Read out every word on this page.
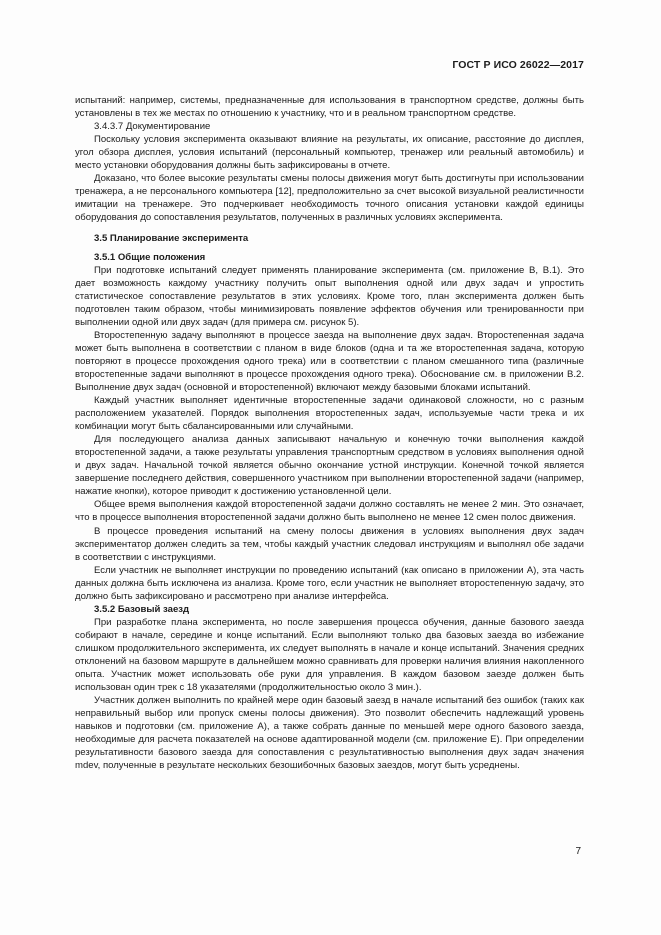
ГОСТ Р ИСО 26022—2017

испытаний: например, системы, предназначенные для использования в транспортном средстве, должны быть установлены в тех же местах по отношению к участнику, что и в реальном транспортном средстве.

3.4.3.7 Документирование

Поскольку условия эксперимента оказывают влияние на результаты, их описание, расстояние до дисплея, угол обзора дисплея, условия испытаний (персональный компьютер, тренажер или реальный автомобиль) и место установки оборудования должны быть зафиксированы в отчете.

Доказано, что более высокие результаты смены полосы движения могут быть достигнуты при использовании тренажера, а не персонального компьютера [12], предположительно за счет высокой визуальной реалистичности имитации на тренажере. Это подчеркивает необходимость точного описания установки каждой единицы оборудования до сопоставления результатов, полученных в различных условиях эксперимента.

3.5 Планирование эксперимента

3.5.1 Общие положения

При подготовке испытаний следует применять планирование эксперимента (см. приложение В, В.1). Это дает возможность каждому участнику получить опыт выполнения одной или двух задач и упростить статистическое сопоставление результатов в этих условиях. Кроме того, план эксперимента должен быть подготовлен таким образом, чтобы минимизировать появление эффектов обучения или тренированности при выполнении одной или двух задач (для примера см. рисунок 5).

Второстепенную задачу выполняют в процессе заезда на выполнение двух задач. Второстепенная задача может быть выполнена в соответствии с планом в виде блоков (одна и та же второстепенная задача, которую повторяют в процессе прохождения одного трека) или в соответствии с планом смешанного типа (различные второстепенные задачи выполняют в процессе прохождения одного трека). Обоснование см. в приложении В.2. Выполнение двух задач (основной и второстепенной) включают между базовыми блоками испытаний.

Каждый участник выполняет идентичные второстепенные задачи одинаковой сложности, но с разным расположением указателей. Порядок выполнения второстепенных задач, используемые части трека и их комбинации могут быть сбалансированными или случайными.

Для последующего анализа данных записывают начальную и конечную точки выполнения каждой второстепенной задачи, а также результаты управления транспортным средством в условиях выполнения одной и двух задач. Начальной точкой является обычно окончание устной инструкции. Конечной точкой является завершение последнего действия, совершенного участником при выполнении второстепенной задачи (например, нажатие кнопки), которое приводит к достижению установленной цели.

Общее время выполнения каждой второстепенной задачи должно составлять не менее 2 мин. Это означает, что в процессе выполнения второстепенной задачи должно быть выполнено не менее 12 смен полос движения.

В процессе проведения испытаний на смену полосы движения в условиях выполнения двух задач экспериментатор должен следить за тем, чтобы каждый участник следовал инструкциям и выполнял обе задачи в соответствии с инструкциями.

Если участник не выполняет инструкции по проведению испытаний (как описано в приложении А), эта часть данных должна быть исключена из анализа. Кроме того, если участник не выполняет второстепенную задачу, это должно быть зафиксировано и рассмотрено при анализе интерфейса.

3.5.2 Базовый заезд

При разработке плана эксперимента, но после завершения процесса обучения, данные базового заезда собирают в начале, середине и конце испытаний. Если выполняют только два базовых заезда во избежание слишком продолжительного эксперимента, их следует выполнять в начале и конце испытаний. Значения средних отклонений на базовом маршруте в дальнейшем можно сравнивать для проверки наличия влияния накопленного опыта. Участник может использовать обе руки для управления. В каждом базовом заезде должен быть использован один трек с 18 указателями (продолжительностью около 3 мин.).

Участник должен выполнить по крайней мере один базовый заезд в начале испытаний без ошибок (таких как неправильный выбор или пропуск смены полосы движения). Это позволит обеспечить надлежащий уровень навыков и подготовки (см. приложение А), а также собрать данные по меньшей мере одного базового заезда, необходимые для расчета показателей на основе адаптированной модели (см. приложение Е). При определении результативности базового заезда для сопоставления с результативностью выполнения двух задач значения mdev, полученные в результате нескольких безошибочных базовых заездов, могут быть усреднены.

7
